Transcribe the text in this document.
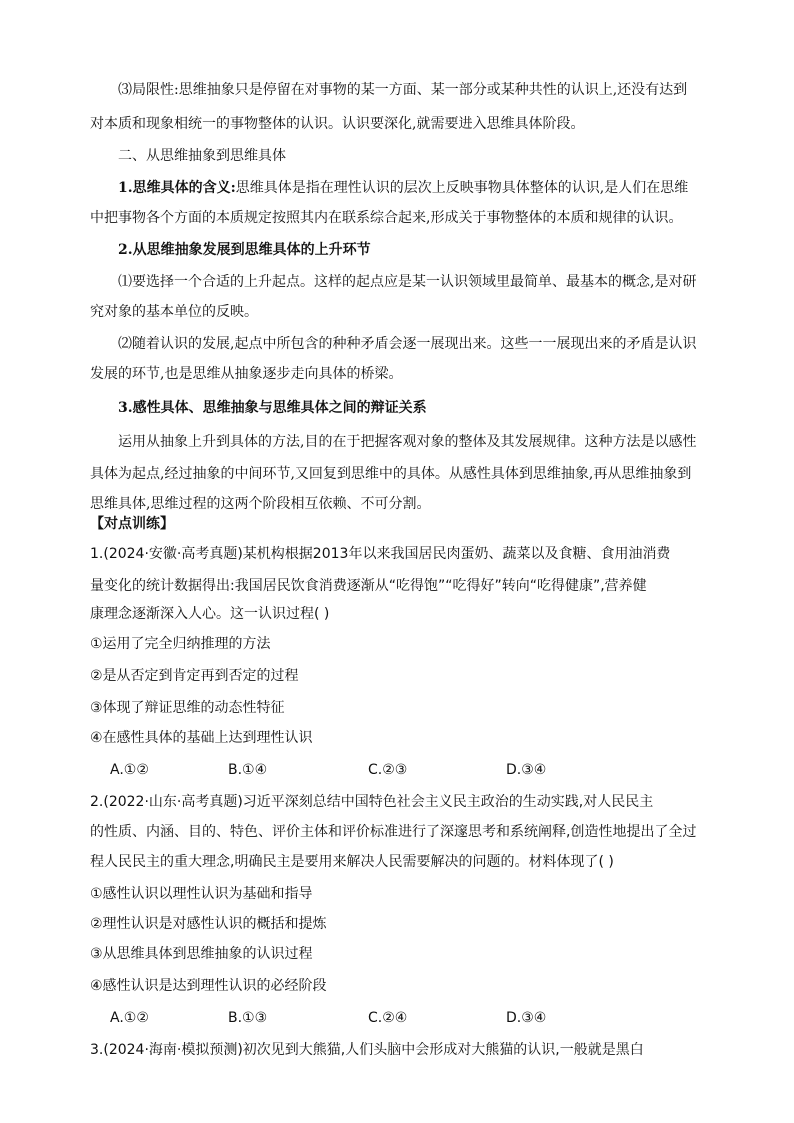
⑶局限性:思维抽象只是停留在对事物的某一方面、某一部分或某种共性的认识上,还没有达到
对本质和现象相统一的事物整体的认识。认识要深化,就需要进入思维具体阶段。
二、从思维抽象到思维具体
1.思维具体的含义:思维具体是指在理性认识的层次上反映事物具体整体的认识,是人们在思维
中把事物各个方面的本质规定按照其内在联系综合起来,形成关于事物整体的本质和规律的认识。
2.从思维抽象发展到思维具体的上升环节
⑴要选择一个合适的上升起点。这样的起点应是某一认识领域里最简单、最基本的概念,是对研
究对象的基本单位的反映。
⑵随着认识的发展,起点中所包含的种种矛盾会逐一展现出来。这些一一展现出来的矛盾是认识
发展的环节,也是思维从抽象逐步走向具体的桥梁。
3.感性具体、思维抽象与思维具体之间的辩证关系
运用从抽象上升到具体的方法,目的在于把握客观对象的整体及其发展规律。这种方法是以感性
具体为起点,经过抽象的中间环节,又回复到思维中的具体。从感性具体到思维抽象,再从思维抽象到
思维具体,思维过程的这两个阶段相互依赖、不可分割。
【对点训练】
1.(2024·安徽·高考真题)某机构根据2013年以来我国居民肉蛋奶、蔬菜以及食糖、食用油消费
量变化的统计数据得出:我国居民饮食消费逐渐从“吃得饱”“吃得好”转向“吃得健康”,营养健
康理念逐渐深入人心。这一认识过程( )
①运用了完全归纳推理的方法
②是从否定到肯定再到否定的过程
③体现了辩证思维的动态性特征
④在感性具体的基础上达到理性认识
A.①②	B.①④	C.②③	D.③④
2.(2022·山东·高考真题)习近平深刻总结中国特色社会主义民主政治的生动实践,对人民民主
的性质、内涵、目的、特色、评价主体和评价标准进行了深邃思考和系统阐释,创造性地提出了全过
程人民民主的重大理念,明确民主是要用来解决人民需要解决的问题的。材料体现了( )
①感性认识以理性认识为基础和指导
②理性认识是对感性认识的概括和提炼
③从思维具体到思维抽象的认识过程
④感性认识是达到理性认识的必经阶段
A.①②	B.①③	C.②④	D.③④
3.(2024·海南·模拟预测)初次见到大熊猫,人们头脑中会形成对大熊猫的认识,一般就是黑白
